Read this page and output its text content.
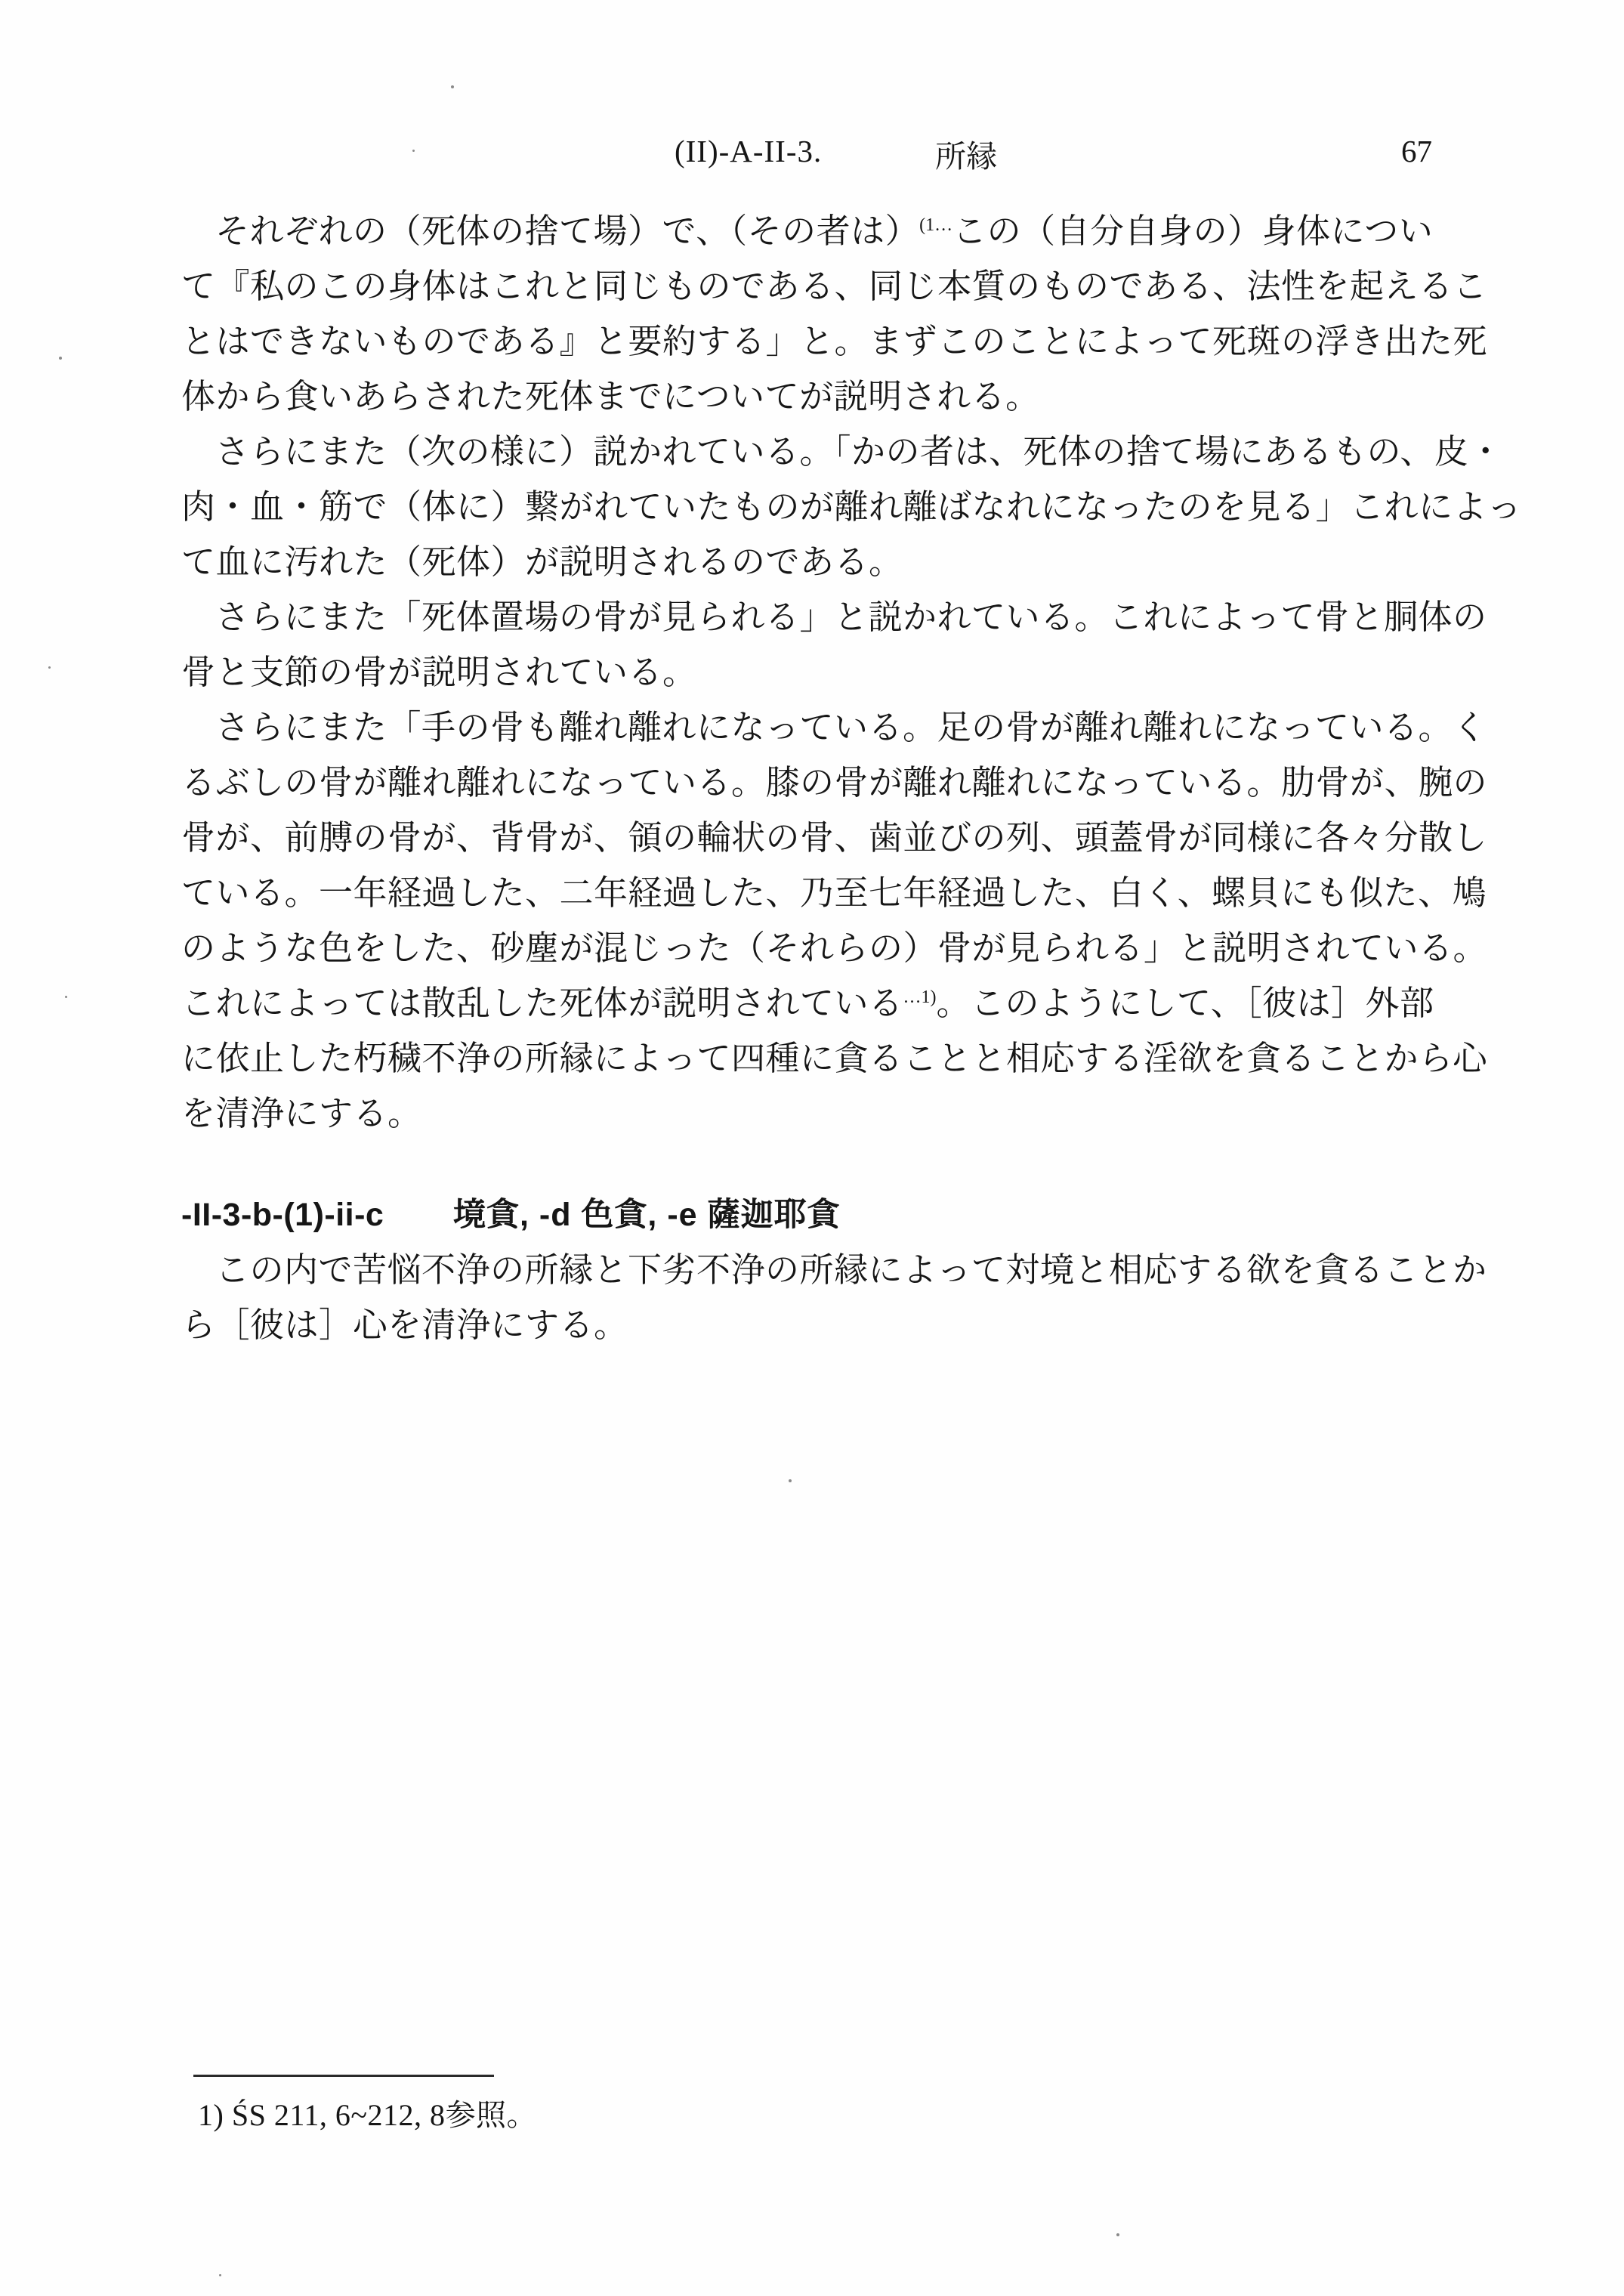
(II)-A-II-3.	所縁	67
それぞれの（死体の捨て場）で、（その者は）$^{(1\dots}$この（自分自身の）身体につい
て『私のこの身体はこれと同じものである、同じ本質のものである、法性を起えるこ
とはできないものである』と要約する」と。まずこのことによって死斑の浮き出た死
体から食いあらされた死体までについてが説明される。
さらにまた（次の様に）説かれている。「かの者は、死体の捨て場にあるもの、皮・
肉・血・筋で（体に）繋がれていたものが離れ離ばなれになったのを見る」これによっ
て血に汚れた（死体）が説明されるのである。
さらにまた「死体置場の骨が見られる」と説かれている。これによって骨と胴体の
骨と支節の骨が説明されている。
さらにまた「手の骨も離れ離れになっている。足の骨が離れ離れになっている。く
るぶしの骨が離れ離れになっている。膝の骨が離れ離れになっている。肋骨が、腕の
骨が、前膊の骨が、背骨が、領の輪状の骨、歯並びの列、頭蓋骨が同様に各々分散し
ている。一年経過した、二年経過した、乃至七年経過した、白く、螺貝にも似た、鳩
のような色をした、砂塵が混じった（それらの）骨が見られる」と説明されている。
これによっては散乱した死体が説明されている$^{\dots 1)}$。このようにして、［彼は］外部
に依止した朽穢不浄の所縁によって四種に貪ることと相応する淫欲を貪ることから心
を清浄にする。
-II-3-b-(1)-ii-c 境貪, -d 色貪, -e 薩迦耶貪
この内で苦悩不浄の所縁と下劣不浄の所縁によって対境と相応する欲を貪ることか
ら［彼は］心を清浄にする。
1) ŚS 211, 6~212, 8参照。
